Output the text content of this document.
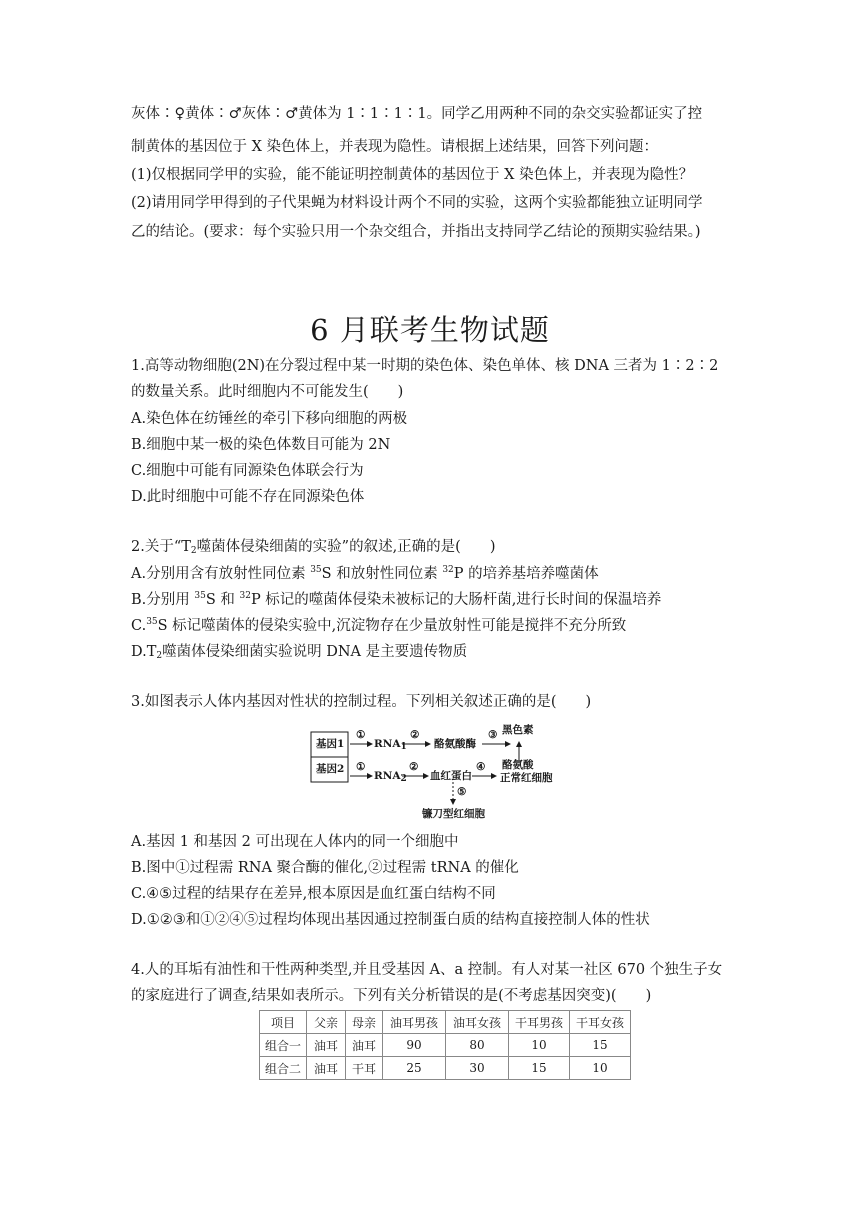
灰体∶♀黄体∶♂灰体∶♂黄体为 1∶1∶1∶1。同学乙用两种不同的杂交实验都证实了控
制黄体的基因位于 X 染色体上，并表现为隐性。请根据上述结果，回答下列问题：
(1)仅根据同学甲的实验，能不能证明控制黄体的基因位于 X 染色体上，并表现为隐性？
(2)请用同学甲得到的子代果蝇为材料设计两个不同的实验，这两个实验都能独立证明同学
乙的结论。(要求：每个实验只用一个杂交组合，并指出支持同学乙结论的预期实验结果。)
6 月联考生物试题
1.高等动物细胞(2N)在分裂过程中某一时期的染色体、染色单体、核 DNA 三者为 1∶2∶2
的数量关系。此时细胞内不可能发生(　　)
A.染色体在纺锤丝的牵引下移向细胞的两极
B.细胞中某一极的染色体数目可能为 2N
C.细胞中可能有同源染色体联会行为
D.此时细胞中可能不存在同源染色体
2.关于“$T_2$噬菌体侵染细菌的实验”的叙述,正确的是(　　)
A.分别用含有放射性同位素 $^{35}$S 和放射性同位素 $^{32}$P 的培养基培养噬菌体
B.分别用 $^{35}$S 和 $^{32}$P 标记的噬菌体侵染未被标记的大肠杆菌,进行长时间的保温培养
C.$^{35}$S 标记噬菌体的侵染实验中,沉淀物存在少量放射性可能是搅拌不充分所致
$D.T_2$噬菌体侵染细菌实验说明 DNA 是主要遗传物质
3.如图表示人体内基因对性状的控制过程。下列相关叙述正确的是(　　)
基因1
基因2
①
①
$RNA_1$
$RNA_2$
②
②
酪氨酸酶
③ 黑色素
酪氨酸
血红蛋白
④
正常红细胞
⑤
镰刀型红细胞
A.基因 1 和基因 2 可出现在人体内的同一个细胞中
B.图中①过程需 RNA 聚合酶的催化,②过程需 tRNA 的催化
C.④⑤过程的结果存在差异,根本原因是血红蛋白结构不同
D.①②③和①②④⑤过程均体现出基因通过控制蛋白质的结构直接控制人体的性状
4.人的耳垢有油性和干性两种类型,并且受基因 A、a 控制。有人对某一社区 670 个独生子女
的家庭进行了调查,结果如表所示。下列有关分析错误的是(不考虑基因突变)(　　)
项目	父亲	母亲	油耳男孩	油耳女孩	干耳男孩	干耳女孩
组合一	油耳	油耳	90	80	10	15
组合二	油耳	干耳	25	30	15	10
